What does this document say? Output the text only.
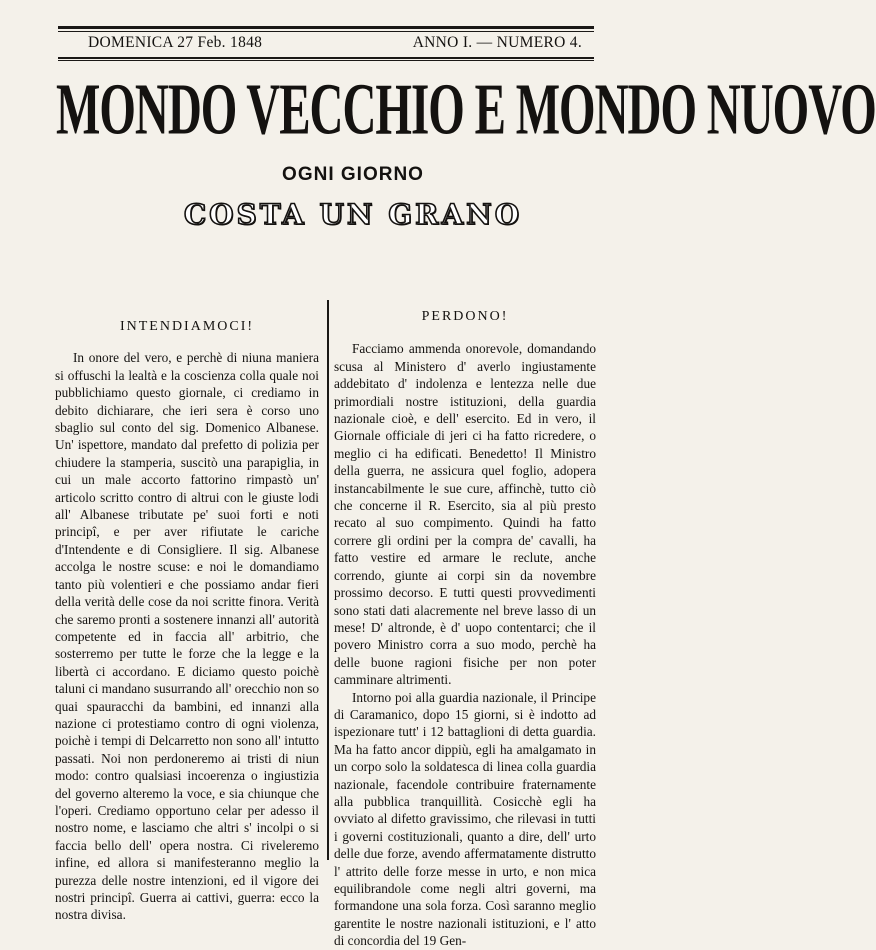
DOMENICA 27 Feb. 1848	ANNO I. — NUMERO 4.
MONDO VECCHIO E MONDO NUOVO
OGNI GIORNO
COSTA UN GRANO
INTENDIAMOCI!

In onore del vero, e perchè di niuna maniera si offuschi la lealtà e la coscienza colla quale noi pubblichiamo questo giornale, ci crediamo in debito dichiarare, che ieri sera è corso uno sbaglio sul conto del sig. Domenico Albanese. Un' ispettore, mandato dal prefetto di polizia per chiudere la stamperia, suscitò una parapiglia, in cui un male accorto fattorino rimpastò un' articolo scritto contro di altrui con le giuste lodi all' Albanese tributate pe' suoi forti e noti principî, e per aver rifiutate le cariche d'Intendente e di Consigliere. Il sig. Albanese accolga le nostre scuse: e noi le domandiamo tanto più volentieri e che possiamo andar fieri della verità delle cose da noi scritte finora. Verità che saremo pronti a sostenere innanzi all' autorità competente ed in faccia all' arbitrio, che sosterremo per tutte le forze che la legge e la libertà ci accordano. E diciamo questo poichè taluni ci mandano susurrando all' orecchio non so quai spauracchi da bambini, ed innanzi alla nazione ci protestiamo contro di ogni violenza, poichè i tempi di Delcarretto non sono all' intutto passati. Noi non perdoneremo ai tristi di niun modo: contro qualsiasi incoerenza o ingiustizia del governo alteremo la voce, e sia chiunque che l'operi. Crediamo opportuno celar per adesso il nostro nome, e lasciamo che altri s' incolpi o si faccia bello dell' opera nostra. Ci riveleremo infine, ed allora si manifesteranno meglio la purezza delle nostre intenzioni, ed il vigore dei nostri principî. Guerra ai cattivi, guerra: ecco la nostra divisa.

PERDONO!

Facciamo ammenda onorevole, domandando scusa al Ministero d' averlo ingiustamente addebitato d' indolenza e lentezza nelle due primordiali nostre istituzioni, della guardia nazionale cioè, e dell' esercito. Ed in vero, il Giornale officiale di jeri ci ha fatto ricredere, o meglio ci ha edificati. Benedetto! Il Ministro della guerra, ne assicura quel foglio, adopera instancabilmente le sue cure, affinchè, tutto ciò che concerne il R. Esercito, sia al più presto recato al suo compimento. Quindi ha fatto correre gli ordini per la compra de' cavalli, ha fatto vestire ed armare le reclute, anche correndo, giunte ai corpi sin da novembre prossimo decorso. E tutti questi provvedimenti sono stati dati alacremente nel breve lasso di un mese! D' altronde, è d' uopo contentarci; che il povero Ministro corra a suo modo, perchè ha delle buone ragioni fisiche per non poter camminare altrimenti.

Intorno poi alla guardia nazionale, il Principe di Caramanico, dopo 15 giorni, si è indotto ad ispezionare tutt' i 12 battaglioni di detta guardia. Ma ha fatto ancor dippiù, egli ha amalgamato in un corpo solo la soldatesca di linea colla guardia nazionale, facendole contribuire fraternamente alla pubblica tranquillità. Cosicchè egli ha ovviato al difetto gravissimo, che rilevasi in tutti i governi costituzionali, quanto a dire, dell' urto delle due forze, avendo affermatamente distrutto l' attrito delle forze messe in urto, e non mica equilibrandole come negli altri governi, ma formandone una sola forza. Così saranno meglio garentite le nostre nazionali istituzioni, e l' atto di concordia del 19 Gen-
